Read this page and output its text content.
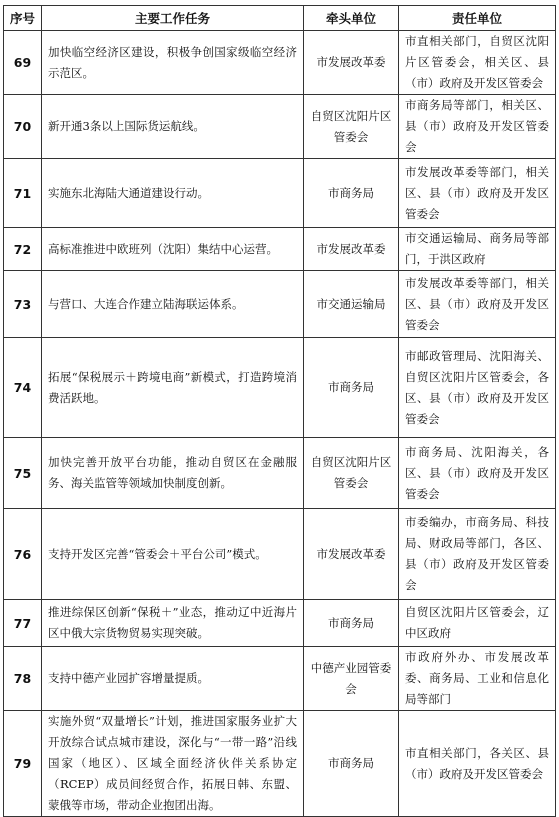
序号	主要工作任务	牵头单位	责任单位
69	加快临空经济区建设，积极争创国家级临空经济示范区。	市发展改革委	市直相关部门，自贸区沈阳片区管委会，相关区、县（市）政府及开发区管委会
70	新开通3条以上国际货运航线。	自贸区沈阳片区管委会	市商务局等部门，相关区、县（市）政府及开发区管委会
71	实施东北海陆大通道建设行动。	市商务局	市发展改革委等部门，相关区、县（市）政府及开发区管委会
72	高标准推进中欧班列（沈阳）集结中心运营。	市发展改革委	市交通运输局、商务局等部门，于洪区政府
73	与营口、大连合作建立陆海联运体系。	市交通运输局	市发展改革委等部门，相关区、县（市）政府及开发区管委会
74	拓展“保税展示＋跨境电商”新模式，打造跨境消费活跃地。	市商务局	市邮政管理局、沈阳海关、自贸区沈阳片区管委会，各区、县（市）政府及开发区管委会
75	加快完善开放平台功能，推动自贸区在金融服务、海关监管等领域加快制度创新。	自贸区沈阳片区管委会	市商务局、沈阳海关，各区、县（市）政府及开发区管委会
76	支持开发区完善“管委会＋平台公司”模式。	市发展改革委	市委编办，市商务局、科技局、财政局等部门，各区、县（市）政府及开发区管委会
77	推进综保区创新“保税＋”业态，推动辽中近海片区中俄大宗货物贸易实现突破。	市商务局	自贸区沈阳片区管委会，辽中区政府
78	支持中德产业园扩容增量提质。	中德产业园管委会	市政府外办、市发展改革委、商务局、工业和信息化局等部门
79	实施外贸“双量增长”计划，推进国家服务业扩大开放综合试点城市建设，深化与“一带一路”沿线国家（地区）、区域全面经济伙伴关系协定（RCEP）成员间经贸合作，拓展日韩、东盟、蒙俄等市场，带动企业抱团出海。	市商务局	市直相关部门，各关区、县（市）政府及开发区管委会
